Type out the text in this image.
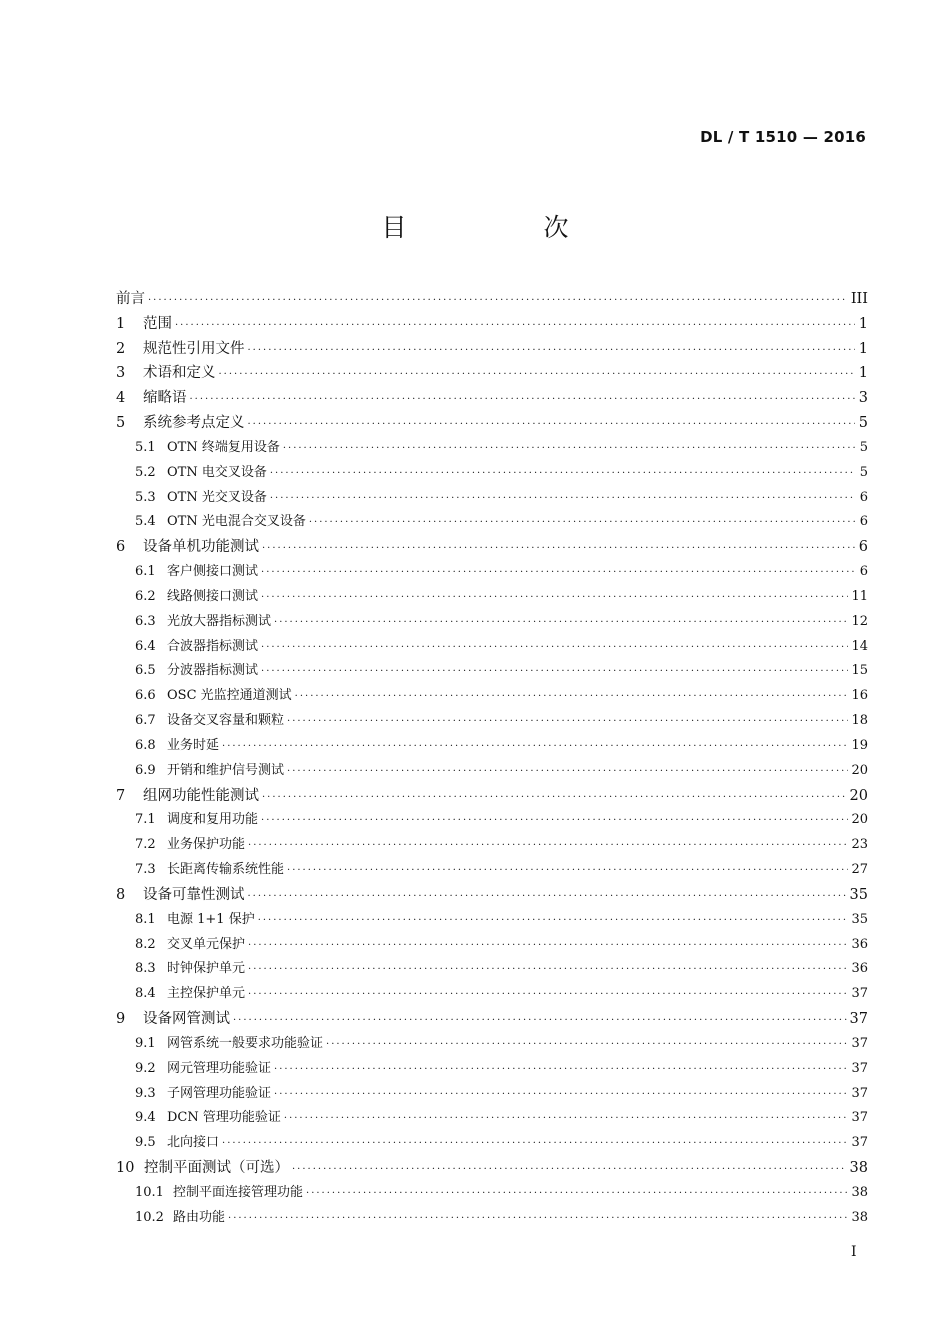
DL / T 1510 — 2016
目　次
前言 ·····	III
1	范围 ·····	1
2	规范性引用文件 ·····	1
3	术语和定义 ·····	1
4	缩略语 ·····	3
5	系统参考点定义 ·····	5
5.1 OTN 终端复用设备 ·····	5
5.2 OTN 电交叉设备 ·····	5
5.3 OTN 光交叉设备 ·····	6
5.4 OTN 光电混合交叉设备 ·····	6
6	设备单机功能测试 ·····	6
6.1 客户侧接口测试 ·····	6
6.2 线路侧接口测试 ·····	11
6.3 光放大器指标测试 ·····	12
6.4 合波器指标测试 ·····	14
6.5 分波器指标测试 ·····	15
6.6 OSC 光监控通道测试 ·····	16
6.7 设备交叉容量和颗粒 ·····	18
6.8 业务时延 ·····	19
6.9 开销和维护信号测试 ·····	20
7	组网功能性能测试 ·····	20
7.1 调度和复用功能 ·····	20
7.2 业务保护功能 ·····	23
7.3 长距离传输系统性能 ·····	27
8	设备可靠性测试 ·····	35
8.1 电源 1+1 保护 ·····	35
8.2 交叉单元保护 ·····	36
8.3 时钟保护单元 ·····	36
8.4 主控保护单元 ·····	37
9	设备网管测试 ·····	37
9.1 网管系统一般要求功能验证 ·····	37
9.2 网元管理功能验证 ·····	37
9.3 子网管理功能验证 ·····	37
9.4 DCN 管理功能验证 ·····	37
9.5 北向接口 ·····	37
10 控制平面测试（可选） ·····	38
10.1 控制平面连接管理功能 ·····	38
10.2 路由功能 ·····	38
I
